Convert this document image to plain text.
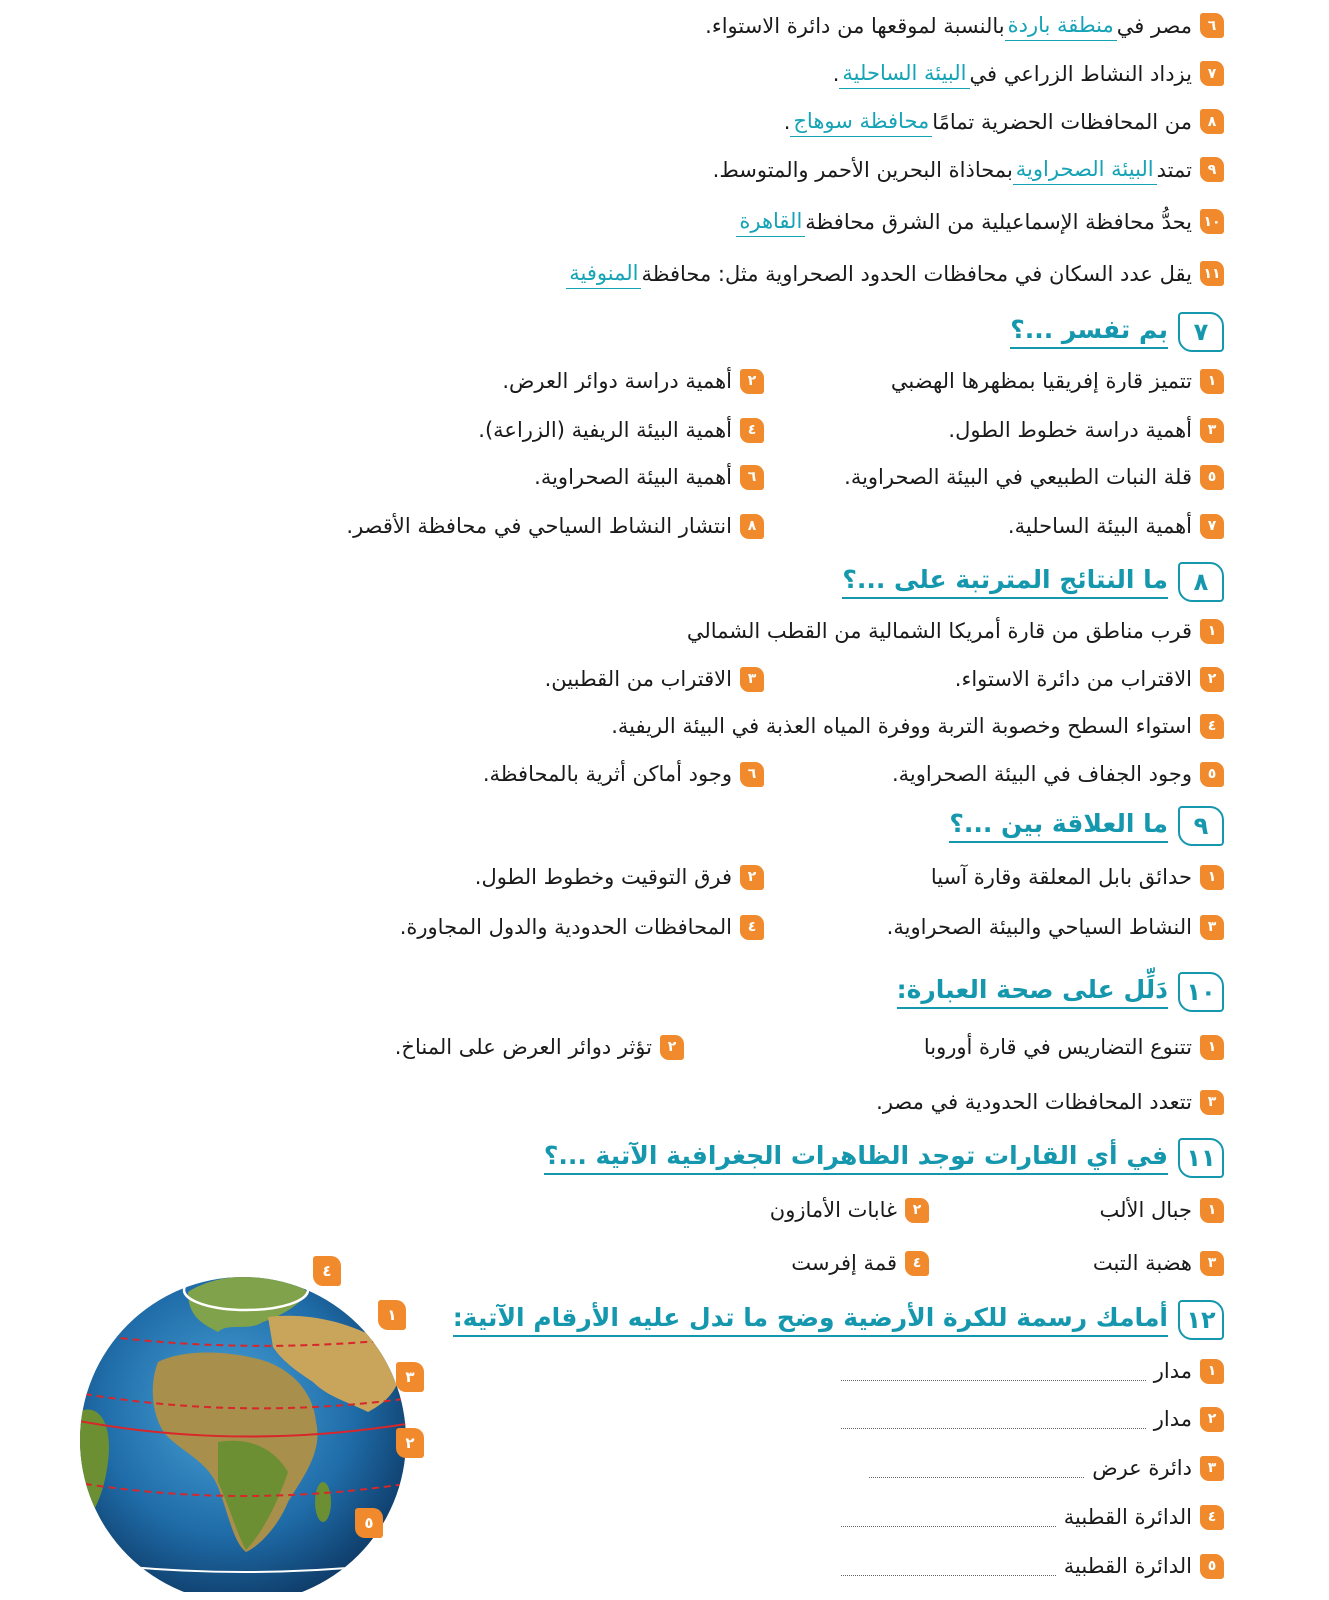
٦
مصر في
منطقة باردة
بالنسبة لموقعها من دائرة الاستواء.
٧
يزداد النشاط الزراعي في
البيئة الساحلية
.
٨
من المحافظات الحضرية تمامًا
محافظة سوهاج
.
٩
تمتد
البيئة الصحراوية
بمحاذاة البحرين الأحمر والمتوسط.
١٠
يحدُّ محافظة الإسماعيلية من الشرق محافظة
القاهرة
١١
يقل عدد السكان في محافظات الحدود الصحراوية مثل: محافظة
المنوفية
٧
بم تفسر ...؟
١
تتميز قارة إفريقيا بمظهرها الهضبي
٢
أهمية دراسة دوائر العرض.
٣
أهمية دراسة خطوط الطول.
٤
أهمية البيئة الريفية (الزراعة).
٥
قلة النبات الطبيعي في البيئة الصحراوية.
٦
أهمية البيئة الصحراوية.
٧
أهمية البيئة الساحلية.
٨
انتشار النشاط السياحي في محافظة الأقصر.
٨
ما النتائج المترتبة على ...؟
١
قرب مناطق من قارة أمريكا الشمالية من القطب الشمالي
٢
الاقتراب من دائرة الاستواء.
٣
الاقتراب من القطبين.
٤
استواء السطح وخصوبة التربة ووفرة المياه العذبة في البيئة الريفية.
٥
وجود الجفاف في البيئة الصحراوية.
٦
وجود أماكن أثرية بالمحافظة.
٩
ما العلاقة بين ...؟
١
حدائق بابل المعلقة وقارة آسيا
٢
فرق التوقيت وخطوط الطول.
٣
النشاط السياحي والبيئة الصحراوية.
٤
المحافظات الحدودية والدول المجاورة.
١٠
دَلِّل على صحة العبارة:
١
تتنوع التضاريس في قارة أوروبا
٢
تؤثر دوائر العرض على المناخ.
٣
تتعدد المحافظات الحدودية في مصر.
١١
في أي القارات توجد الظاهرات الجغرافية الآتية ...؟
١
جبال الألب
٢
غابات الأمازون
٣
هضبة التبت
٤
قمة إفرست
١٢
أمامك رسمة للكرة الأرضية وضح ما تدل عليه الأرقام الآتية:
١
مدار
٢
مدار
٣
دائرة عرض
٤
الدائرة القطبية
٥
الدائرة القطبية
٤
١
٣
٢
٥
